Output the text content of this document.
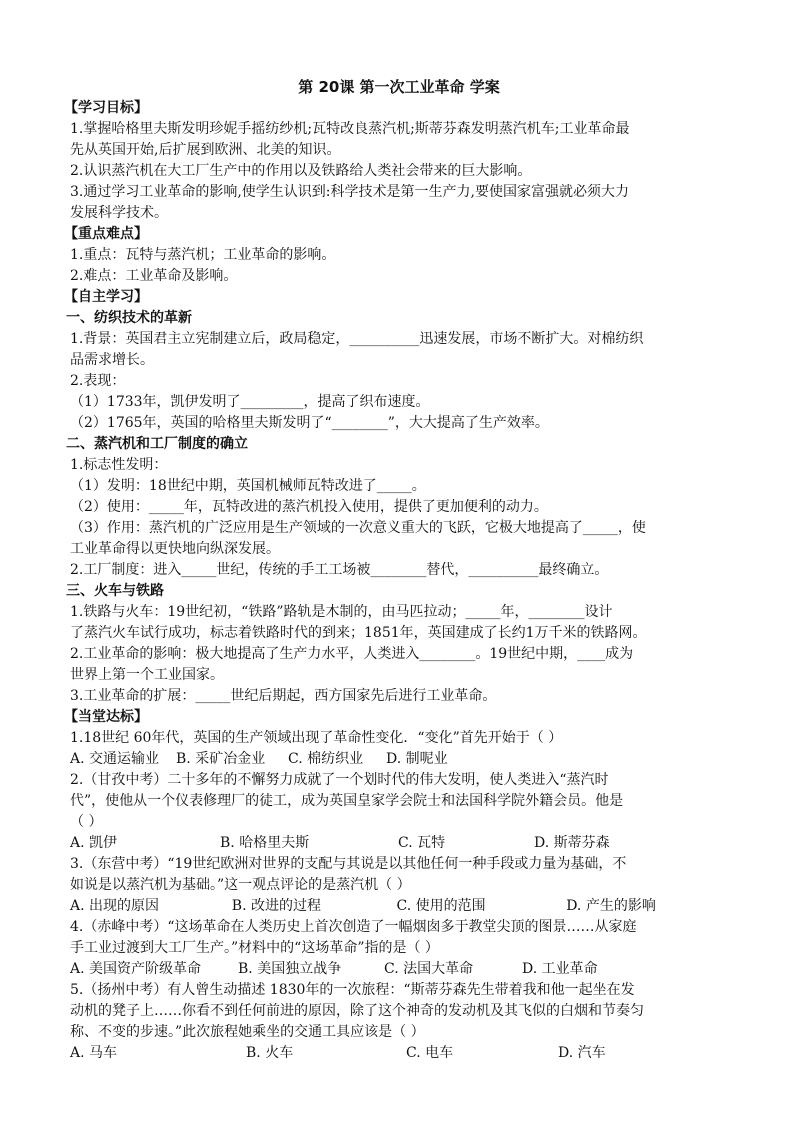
第 20课 第一次工业革命 学案
【学习目标】
1.掌握哈格里夫斯发明珍妮手摇纺纱机;瓦特改良蒸汽机;斯蒂芬森发明蒸汽机车;工业革命最
先从英国开始,后扩展到欧洲、北美的知识。
2.认识蒸汽机在大工厂生产中的作用以及铁路给人类社会带来的巨大影响。
3.通过学习工业革命的影响,使学生认识到:科学技术是第一生产力,要使国家富强就必须大力
发展科学技术。
【重点难点】
1.重点：瓦特与蒸汽机；工业革命的影响。
2.难点：工业革命及影响。
【自主学习】
一、纺织技术的革新
1.背景：英国君主立宪制建立后，政局稳定，__________迅速发展，市场不断扩大。对棉纺织
品需求增长。
2.表现：
（1）1733年，凯伊发明了_________，提高了织布速度。
（2）1765年，英国的哈格里夫斯发明了“________”，大大提高了生产效率。
二、蒸汽机和工厂制度的确立
1.标志性发明：
（1）发明：18世纪中期，英国机械师瓦特改进了_____。
（2）使用：_____年，瓦特改进的蒸汽机投入使用，提供了更加便利的动力。
（3）作用：蒸汽机的广泛应用是生产领域的一次意义重大的飞跃，它极大地提高了_____，使
工业革命得以更快地向纵深发展。
2.工厂制度：进入_____世纪，传统的手工工场被________替代，__________最终确立。
三、火车与铁路
1.铁路与火车：19世纪初，“铁路”路轨是木制的，由马匹拉动；_____年，________设计
了蒸汽火车试行成功，标志着铁路时代的到来；1851年，英国建成了长约1万千米的铁路网。
2.工业革命的影响：极大地提高了生产力水平，人类进入________。19世纪中期，____成为
世界上第一个工业国家。
3.工业革命的扩展：_____世纪后期起，西方国家先后进行工业革命。
【当堂达标】
1.18世纪 60年代，英国的生产领域出现了革命性变化．“变化”首先开始于（ ）
A. 交通运输业	B. 采矿冶金业	C. 棉纺织业	D. 制呢业
2.（甘孜中考）二十多年的不懈努力成就了一个划时代的伟大发明，使人类进入“蒸汽时
代”，使他从一个仪表修理厂的徒工，成为英国皇家学会院士和法国科学院外籍会员。他是
（ ）
A. 凯伊	B. 哈格里夫斯	C. 瓦特	D. 斯蒂芬森
3.（东营中考）“19世纪欧洲对世界的支配与其说是以其他任何一种手段或力量为基础，不
如说是以蒸汽机为基础。”这一观点评论的是蒸汽机（ ）
A. 出现的原因	B. 改进的过程	C. 使用的范围	D. 产生的影响
4.（赤峰中考）“这场革命在人类历史上首次创造了一幅烟囱多于教堂尖顶的图景……从家庭
手工业过渡到大工厂生产。”材料中的“这场革命”指的是（ ）
A. 美国资产阶级革命	B. 美国独立战争	C. 法国大革命	D. 工业革命
5.（扬州中考）有人曾生动描述 1830年的一次旅程：“斯蒂芬森先生带着我和他一起坐在发
动机的凳子上……你看不到任何前进的原因，除了这个神奇的发动机及其飞似的白烟和节奏匀
称、不变的步速。”此次旅程她乘坐的交通工具应该是（ ）
A. 马车	B. 火车	C. 电车	D. 汽车
